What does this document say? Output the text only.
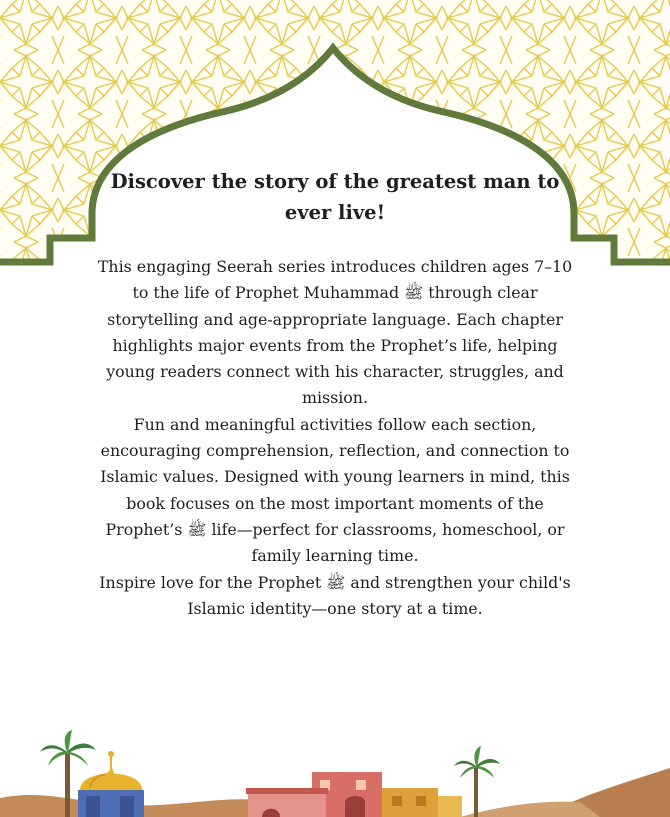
Discover the story of the greatest man to ever live!

This engaging Seerah series introduces children ages 7–10 to the life of Prophet Muhammad ﷺ through clear storytelling and age-appropriate language. Each chapter highlights major events from the Prophet’s life, helping young readers connect with his character, struggles, and mission.

Fun and meaningful activities follow each section, encouraging comprehension, reflection, and connection to Islamic values. Designed with young learners in mind, this book focuses on the most important moments of the Prophet’s ﷺ life—perfect for classrooms, homeschool, or family learning time.

Inspire love for the Prophet ﷺ and strengthen your child's Islamic identity—one story at a time.
